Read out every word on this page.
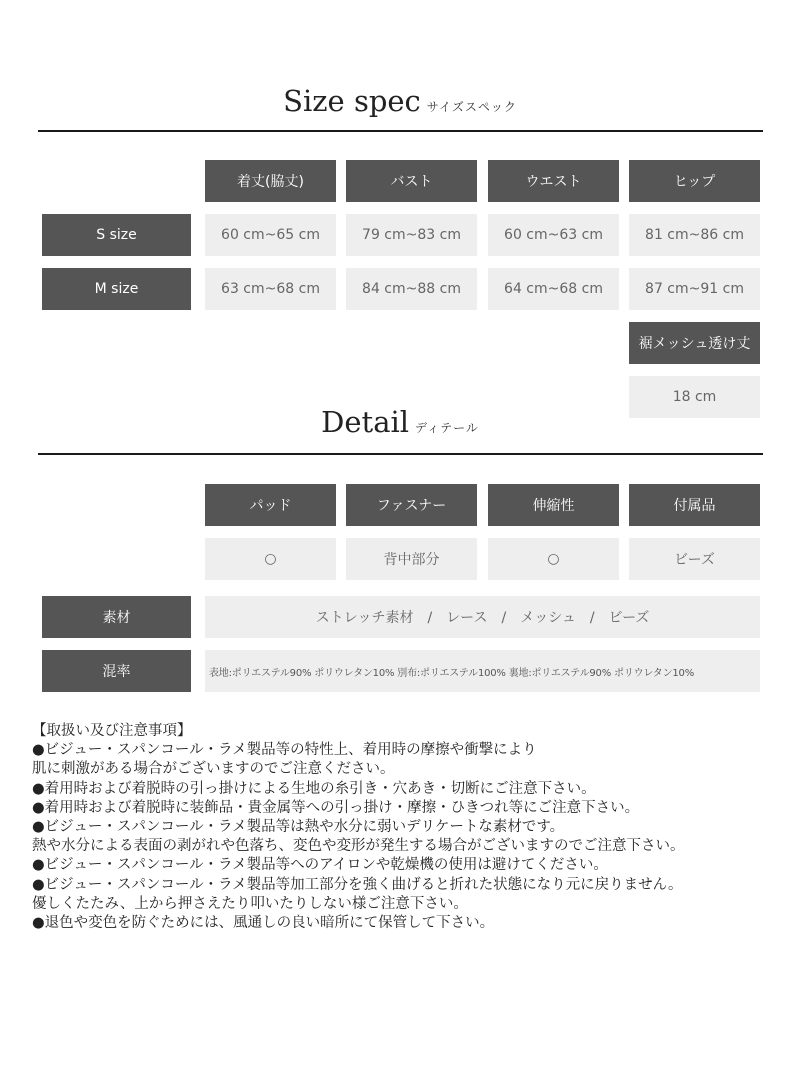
Size spec サイズスペック
着丈(脇丈)	バスト	ウエスト	ヒップ
S size	60 cm~65 cm	79 cm~83 cm	60 cm~63 cm	81 cm~86 cm
M size	63 cm~68 cm	84 cm~88 cm	64 cm~68 cm	87 cm~91 cm
裾メッシュ透け丈
18 cm
Detail ディテール
パッド	ファスナー	伸縮性	付属品
○	背中部分	○	ビーズ
素材	ストレッチ素材　/　レース　/　メッシュ　/　ビーズ
混率	表地:ポリエステル90% ポリウレタン10% 別布:ポリエステル100% 裏地:ポリエステル90% ポリウレタン10%
【取扱い及び注意事項】
●ビジュー・スパンコール・ラメ製品等の特性上、着用時の摩擦や衝撃により
肌に刺激がある場合がございますのでご注意ください。
●着用時および着脱時の引っ掛けによる生地の糸引き・穴あき・切断にご注意下さい。
●着用時および着脱時に装飾品・貴金属等への引っ掛け・摩擦・ひきつれ等にご注意下さい。
●ビジュー・スパンコール・ラメ製品等は熱や水分に弱いデリケートな素材です。
熱や水分による表面の剥がれや色落ち、変色や変形が発生する場合がございますのでご注意下さい。
●ビジュー・スパンコール・ラメ製品等へのアイロンや乾燥機の使用は避けてください。
●ビジュー・スパンコール・ラメ製品等加工部分を強く曲げると折れた状態になり元に戻りません。
優しくたたみ、上から押さえたり叩いたりしない様ご注意下さい。
●退色や変色を防ぐためには、風通しの良い暗所にて保管して下さい。
